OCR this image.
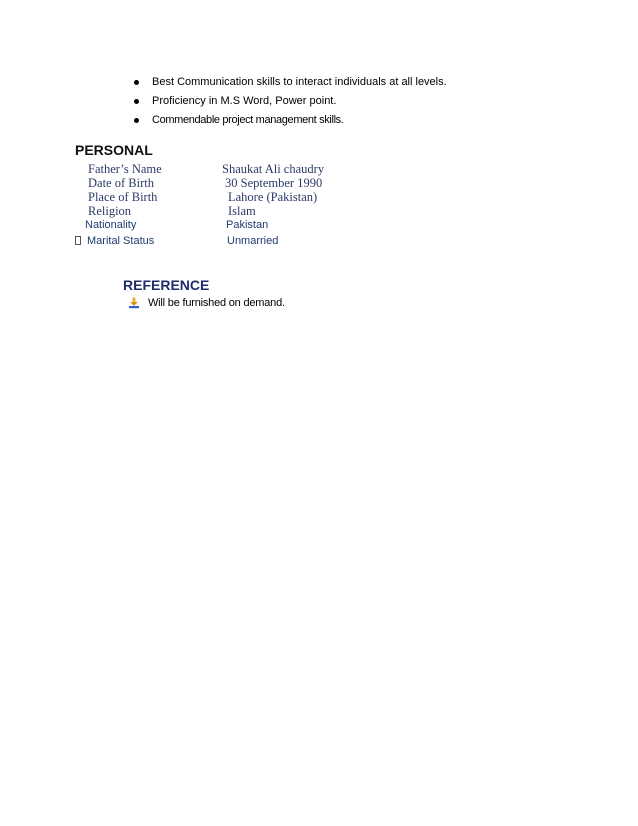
Best Communication skills to interact individuals at all levels.
Proficiency in M.S Word, Power point.
Commendable project management skills.
PERSONAL
Father’s Name	Shaukat Ali chaudry
Date of Birth	30 September 1990
Place of Birth	Lahore (Pakistan)
Religion	Islam
Nationality	Pakistan
Marital Status	Unmarried
REFERENCE
Will be furnished on demand.
